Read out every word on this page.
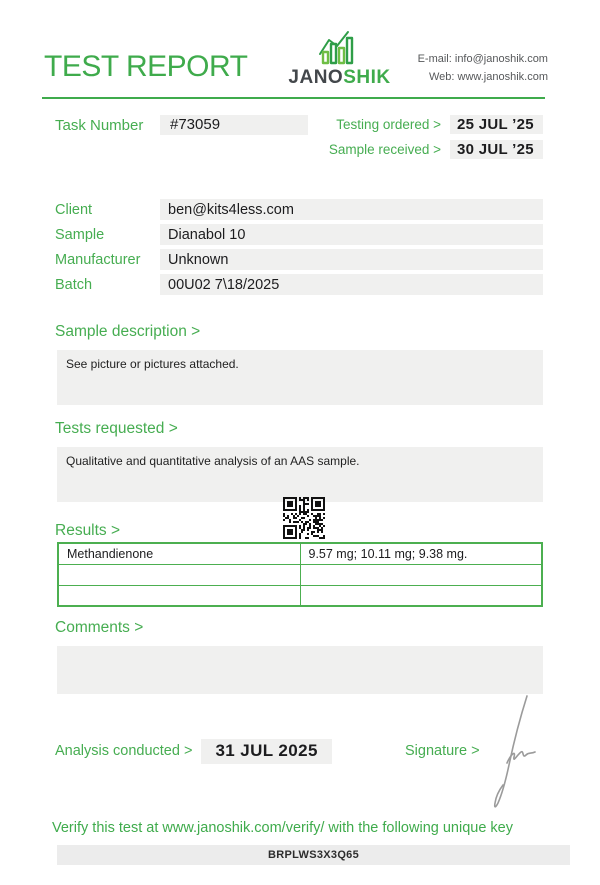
TEST REPORT JANOSHIK
E-mail: info@janoshik.com
Web: www.janoshik.com
Task Number	#73059	Testing ordered >	25 JUL ’25
Sample received >	30 JUL ’25
Client	ben@kits4less.com
Sample	Dianabol 10
Manufacturer	Unknown
Batch	00U02 7\18/2025
Sample description >
See picture or pictures attached.
Tests requested >
Qualitative and quantitative analysis of an AAS sample.
Results >
Methandienone	9.57 mg; 10.11 mg; 9.38 mg.

Comments >
Analysis conducted >	31 JUL 2025	Signature >
Verify this test at www.janoshik.com/verify/ with the following unique key
BRPLWS3X3Q65
